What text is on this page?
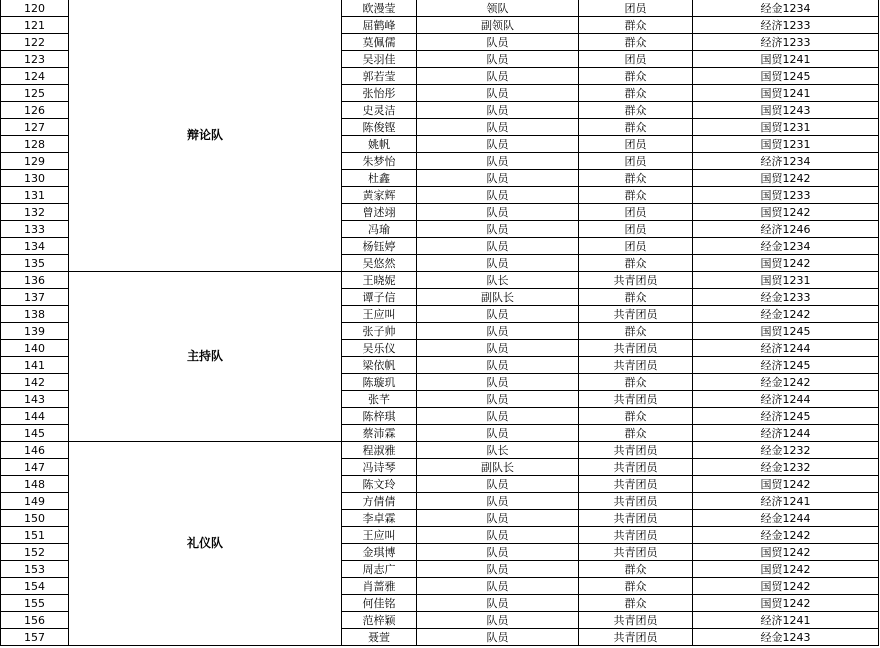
120	辩论队	欧漫莹	领队	团员	经金1234
121		屈鹤峰	副领队	群众	经济1233
122		莫佩儒	队员	群众	经济1233
123		吴羽佳	队员	团员	国贸1241
124		郭若莹	队员	群众	国贸1245
125		张怡彤	队员	群众	国贸1241
126		史灵洁	队员	群众	国贸1243
127		陈俊铿	队员	群众	国贸1231
128		姚帆	队员	团员	国贸1231
129		朱梦怡	队员	团员	经济1234
130		杜鑫	队员	群众	国贸1242
131		黄家辉	队员	群众	国贸1233
132		曾述翊	队员	团员	国贸1242
133		冯瑜	队员	团员	经济1246
134		杨钰婷	队员	团员	经金1234
135		吴悠然	队员	群众	国贸1242
136	主持队	王晓妮	队长	共青团员	国贸1231
137		谭子信	副队长	群众	经金1233
138		王应叫	队员	共青团员	经金1242
139		张子帅	队员	群众	国贸1245
140		吴乐仪	队员	共青团员	经济1244
141		梁依帆	队员	共青团员	经济1245
142		陈璇玑	队员	群众	经金1242
143		张芊	队员	共青团员	经济1244
144		陈梓琪	队员	群众	经济1245
145		蔡沛霖	队员	群众	经济1244
146	礼仪队	程淑雅	队长	共青团员	经金1232
147		冯诗琴	副队长	共青团员	经金1232
148		陈文玲	队员	共青团员	国贸1242
149		方倩倩	队员	共青团员	经济1241
150		李卓霖	队员	共青团员	经金1244
151		王应叫	队员	共青团员	经金1242
152		金琪博	队员	共青团员	国贸1242
153		周志广	队员	群众	国贸1242
154		肖蔷雅	队员	群众	国贸1242
155		何佳铭	队员	群众	国贸1242
156		范梓颖	队员	共青团员	经济1241
157		聂萱	队员	共青团员	经金1243
